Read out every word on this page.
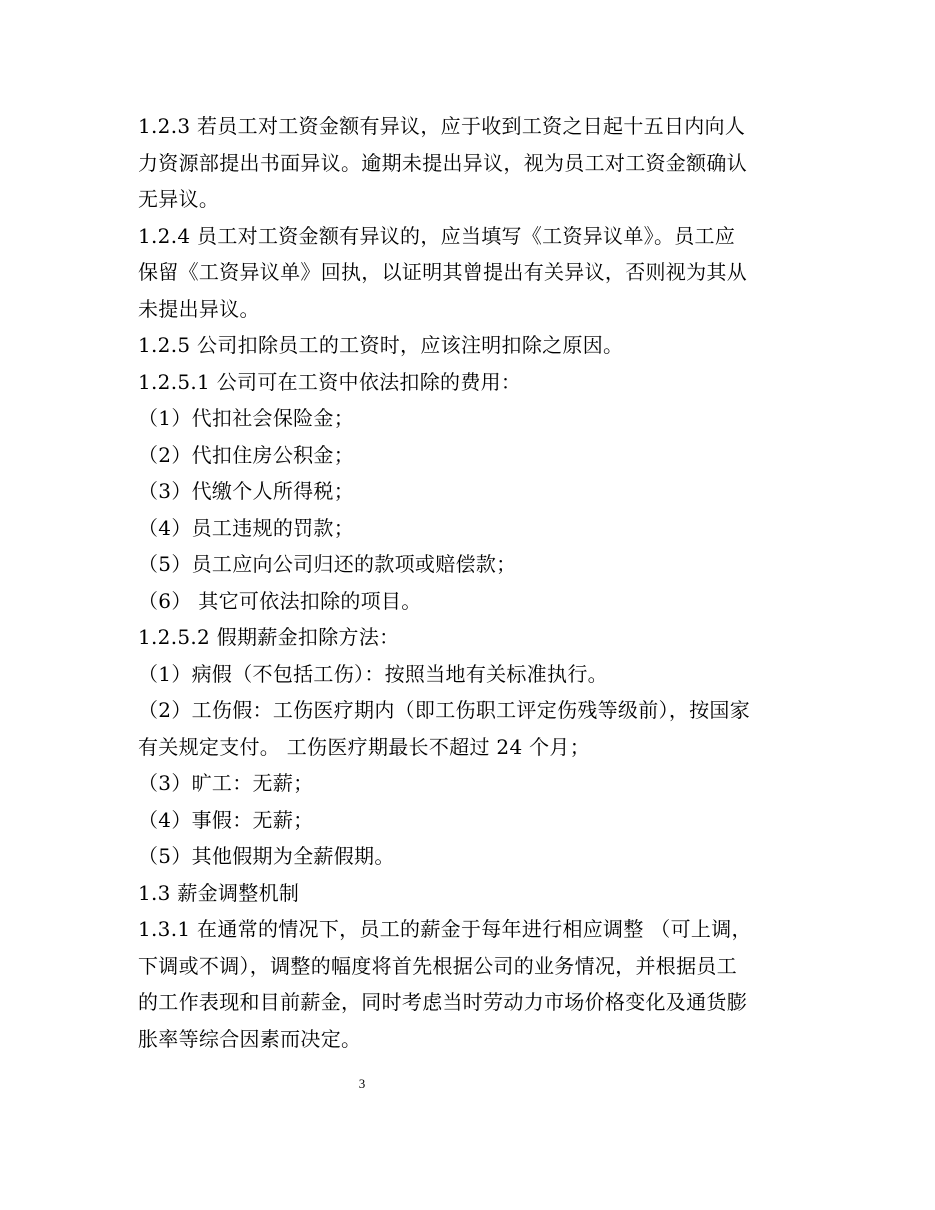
1.2.3 若员工对工资金额有异议，应于收到工资之日起十五日内向人
力资源部提出书面异议。逾期未提出异议，视为员工对工资金额确认
无异议。
1.2.4 员工对工资金额有异议的，应当填写《工资异议单》。员工应
保留《工资异议单》回执，以证明其曾提出有关异议，否则视为其从
未提出异议。
1.2.5 公司扣除员工的工资时，应该注明扣除之原因。
1.2.5.1 公司可在工资中依法扣除的费用：
（1）代扣社会保险金；
（2）代扣住房公积金；
（3）代缴个人所得税；
（4）员工违规的罚款；
（5）员工应向公司归还的款项或赔偿款；
（6） 其它可依法扣除的项目。
1.2.5.2 假期薪金扣除方法：
（1）病假（不包括工伤）：按照当地有关标准执行。
（2）工伤假：工伤医疗期内（即工伤职工评定伤残等级前），按国家
有关规定支付。 工伤医疗期最长不超过 24 个月；
（3）旷工：无薪；
（4）事假：无薪；
（5）其他假期为全薪假期。
1.3 薪金调整机制
1.3.1 在通常的情况下，员工的薪金于每年进行相应调整 （可上调，
下调或不调），调整的幅度将首先根据公司的业务情况，并根据员工
的工作表现和目前薪金，同时考虑当时劳动力市场价格变化及通货膨
胀率等综合因素而决定。
3
